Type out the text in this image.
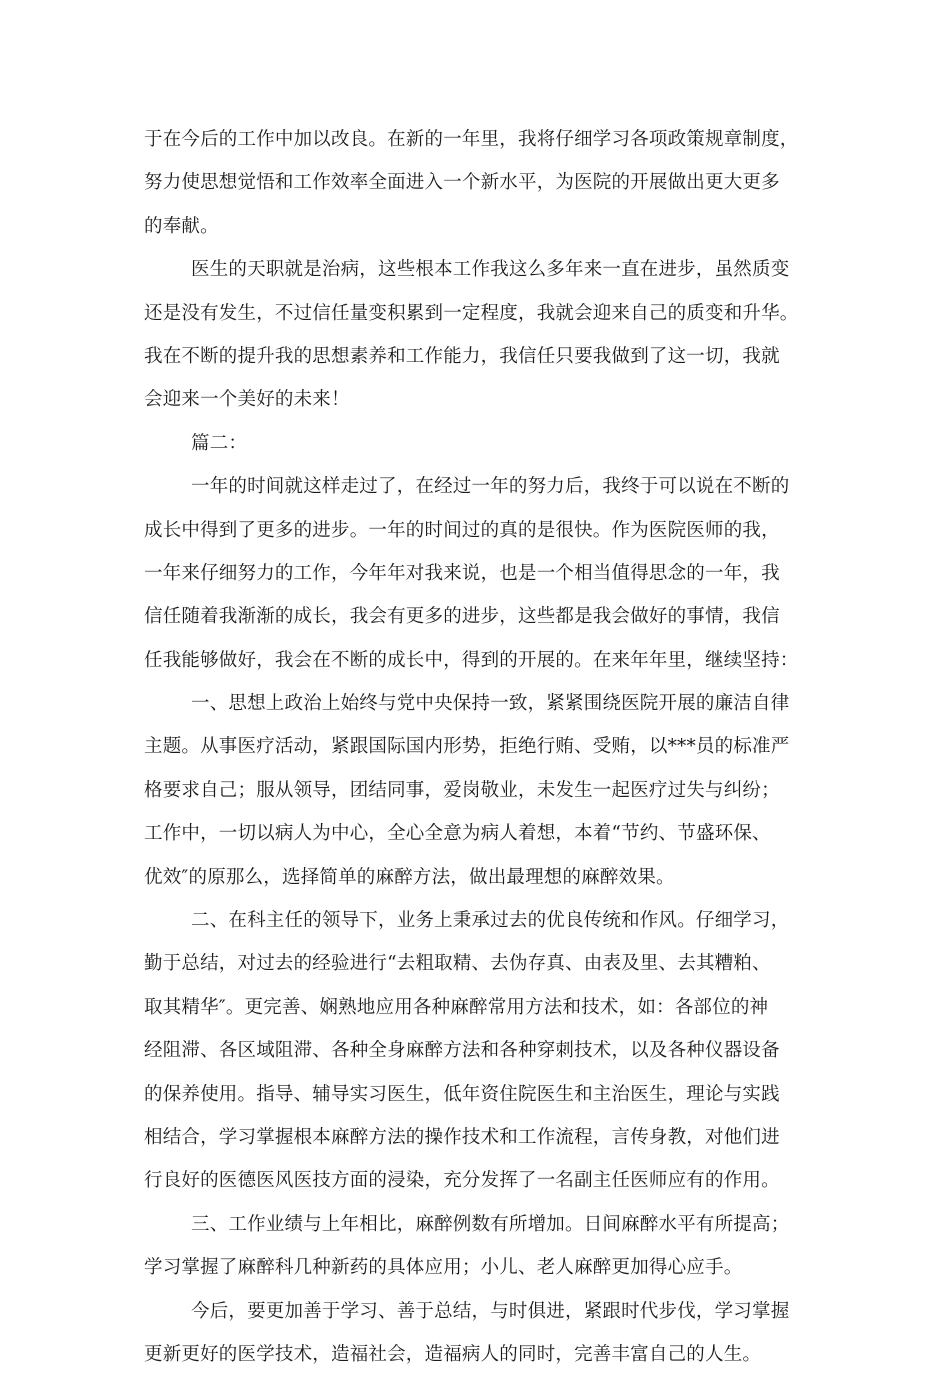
于在今后的工作中加以改良。在新的一年里，我将仔细学习各项政策规章制度，
努力使思想觉悟和工作效率全面进入一个新水平，为医院的开展做出更大更多
的奉献。
医生的天职就是治病，这些根本工作我这么多年来一直在进步，虽然质变
还是没有发生，不过信任量变积累到一定程度，我就会迎来自己的质变和升华。
我在不断的提升我的思想素养和工作能力，我信任只要我做到了这一切，我就
会迎来一个美好的未来！
篇二：
一年的时间就这样走过了，在经过一年的努力后，我终于可以说在不断的
成长中得到了更多的进步。一年的时间过的真的是很快。作为医院医师的我，
一年来仔细努力的工作，今年年对我来说，也是一个相当值得思念的一年，我
信任随着我渐渐的成长，我会有更多的进步，这些都是我会做好的事情，我信
任我能够做好，我会在不断的成长中，得到的开展的。在来年年里，继续坚持：
一、思想上政治上始终与党中央保持一致，紧紧围绕医院开展的廉洁自律
主题。从事医疗活动，紧跟国际国内形势，拒绝行贿、受贿，以***员的标准严
格要求自己；服从领导，团结同事，爱岗敬业，未发生一起医疗过失与纠纷；
工作中，一切以病人为中心，全心全意为病人着想，本着“节约、节盛环保、
优效″的原那么，选择简单的麻醉方法，做出最理想的麻醉效果。
二、在科主任的领导下，业务上秉承过去的优良传统和作风。仔细学习，
勤于总结，对过去的经验进行“去粗取精、去伪存真、由表及里、去其糟粕、
取其精华″。更完善、娴熟地应用各种麻醉常用方法和技术，如：各部位的神
经阻滞、各区域阻滞、各种全身麻醉方法和各种穿刺技术，以及各种仪器设备
的保养使用。指导、辅导实习医生，低年资住院医生和主治医生，理论与实践
相结合，学习掌握根本麻醉方法的操作技术和工作流程，言传身教，对他们进
行良好的医德医风医技方面的浸染，充分发挥了一名副主任医师应有的作用。
三、工作业绩与上年相比，麻醉例数有所增加。日间麻醉水平有所提高；
学习掌握了麻醉科几种新药的具体应用；小儿、老人麻醉更加得心应手。
今后，要更加善于学习、善于总结，与时俱进，紧跟时代步伐，学习掌握
更新更好的医学技术，造福社会，造福病人的同时，完善丰富自己的人生。
